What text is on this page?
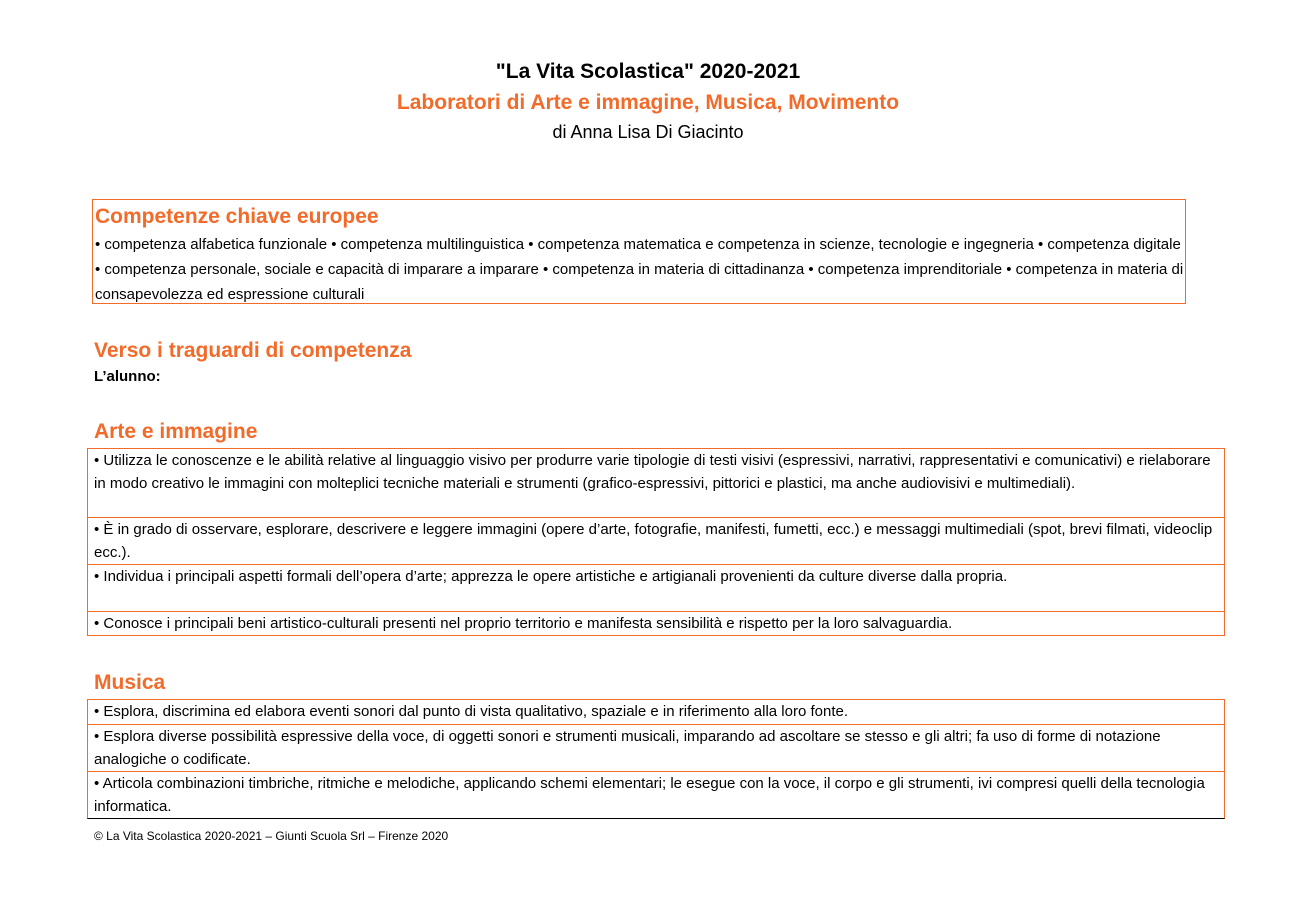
"La Vita Scolastica" 2020-2021
Laboratori di Arte e immagine, Musica, Movimento
di Anna Lisa Di Giacinto

Competenze chiave europee

• competenza alfabetica funzionale • competenza multilinguistica • competenza matematica e competenza in scienze, tecnologie e ingegneria • competenza digitale • competenza personale, sociale e capacità di imparare a imparare • competenza in materia di cittadinanza • competenza imprenditoriale • competenza in materia di consapevolezza ed espressione culturali

Verso i traguardi di competenza
L’alunno:
Arte e immagine
• Utilizza le conoscenze e le abilità relative al linguaggio visivo per produrre varie tipologie di testi visivi (espressivi, narrativi, rappresentativi e comunicativi) e rielaborare in modo creativo le immagini con molteplici tecniche materiali e strumenti (grafico-espressivi, pittorici e plastici, ma anche audiovisivi e multimediali).
• È in grado di osservare, esplorare, descrivere e leggere immagini (opere d’arte, fotografie, manifesti, fumetti, ecc.) e messaggi multimediali (spot, brevi filmati, videoclip ecc.).
• Individua i principali aspetti formali dell’opera d’arte; apprezza le opere artistiche e artigianali provenienti da culture diverse dalla propria.
• Conosce i principali beni artistico-culturali presenti nel proprio territorio e manifesta sensibilità e rispetto per la loro salvaguardia.
Musica
• Esplora, discrimina ed elabora eventi sonori dal punto di vista qualitativo, spaziale e in riferimento alla loro fonte.
• Esplora diverse possibilità espressive della voce, di oggetti sonori e strumenti musicali, imparando ad ascoltare se stesso e gli altri; fa uso di forme di notazione analogiche o codificate.
• Articola combinazioni timbriche, ritmiche e melodiche, applicando schemi elementari; le esegue con la voce, il corpo e gli strumenti, ivi compresi quelli della tecnologia informatica.
© La Vita Scolastica 2020-2021 – Giunti Scuola Srl – Firenze 2020
